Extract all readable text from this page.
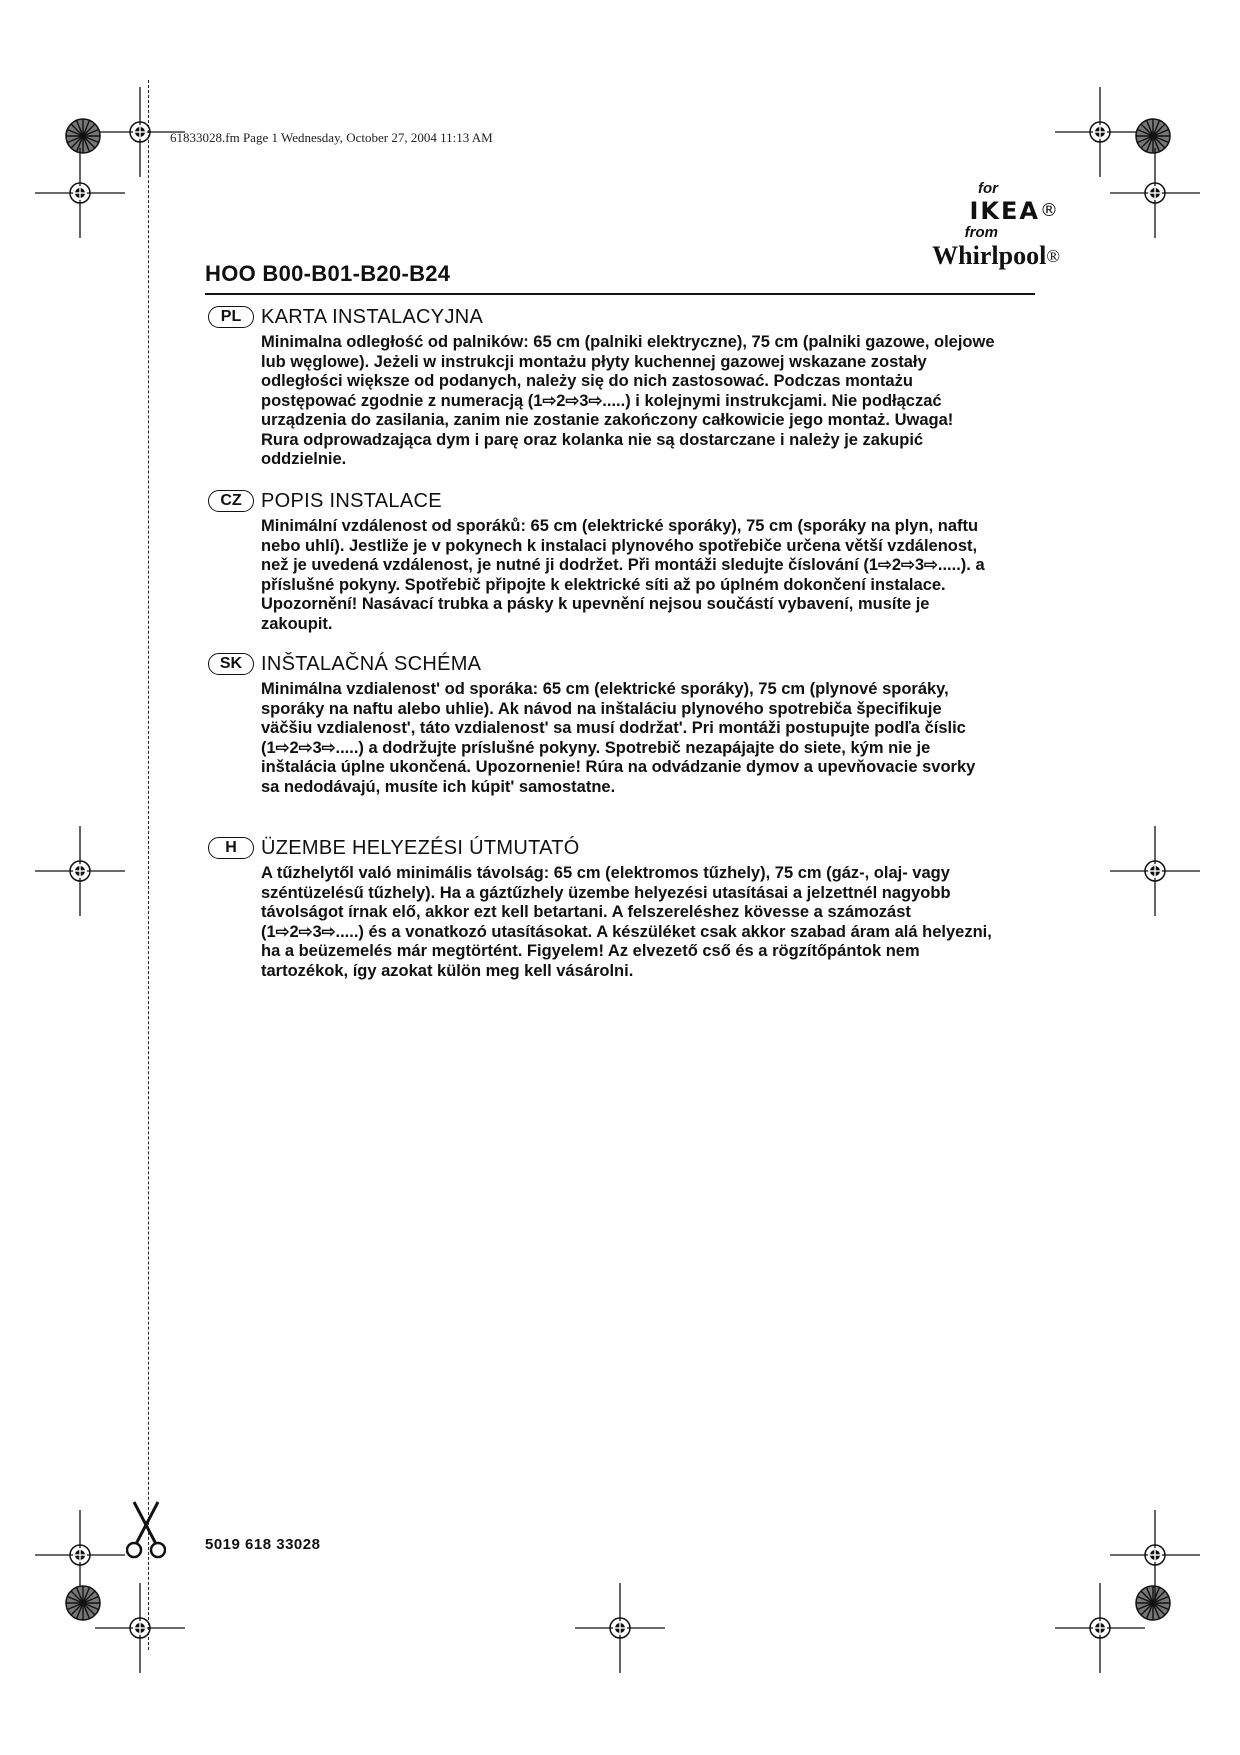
61833028.fm Page 1 Wednesday, October 27, 2004 11:13 AM
for
IKEA®
from
Whirlpool®
HOO B00-B01-B20-B24
PL KARTA INSTALACYJNA
Minimalna odległość od palników: 65 cm (palniki elektryczne), 75 cm (palniki gazowe, olejowe lub węglowe). Jeżeli w instrukcji montażu płyty kuchennej gazowej wskazane zostały odległości większe od podanych, należy się do nich zastosować. Podczas montażu postępować zgodnie z numeracją (1⇨2⇨3⇨.....) i kolejnymi instrukcjami. Nie podłączać urządzenia do zasilania, zanim nie zostanie zakończony całkowicie jego montaż. Uwaga! Rura odprowadzająca dym i parę oraz kolanka nie są dostarczane i należy je zakupić oddzielnie.
CZ POPIS INSTALACE
Minimální vzdálenost od sporáků: 65 cm (elektrické sporáky), 75 cm (sporáky na plyn, naftu nebo uhlí). Jestliže je v pokynech k instalaci plynového spotřebiče určena větší vzdálenost, než je uvedená vzdálenost, je nutné ji dodržet. Při montáži sledujte číslování (1⇨2⇨3⇨.....). a příslušné pokyny. Spotřebič připojte k elektrické síti až po úplném dokončení instalace. Upozornění! Nasávací trubka a pásky k upevnění nejsou součástí vybavení, musíte je zakoupit.
SK INŠTALAČNÁ SCHÉMA
Minimálna vzdialenost' od sporáka: 65 cm (elektrické sporáky), 75 cm (plynové sporáky, sporáky na naftu alebo uhlie). Ak návod na inštaláciu plynového spotrebiča špecifikuje väčšiu vzdialenost', táto vzdialenost' sa musí dodržat'. Pri montáži postupujte podľa číslic (1⇨2⇨3⇨.....) a dodržujte príslušné pokyny. Spotrebič nezapájajte do siete, kým nie je inštalácia úplne ukončená. Upozornenie! Rúra na odvádzanie dymov a upevňovacie svorky sa nedodávajú, musíte ich kúpit' samostatne.
H	ÜZEMBE HELYEZÉSI ÚTMUTATÓ
A tűzhelytől való minimális távolság: 65 cm (elektromos tűzhely), 75 cm (gáz-, olaj- vagy széntüzelésű tűzhely). Ha a gáztűzhely üzembe helyezési utasításai a jelzettnél nagyobb távolságot írnak elő, akkor ezt kell betartani. A felszereléshez kövesse a számozást (1⇨2⇨3⇨.....) és a vonatkozó utasításokat. A készüléket csak akkor szabad áram alá helyezni, ha a beüzemelés már megtörtént. Figyelem! Az elvezető cső és a rögzítőpántok nem tartozékok, így azokat külön meg kell vásárolni.
5019 618 33028
